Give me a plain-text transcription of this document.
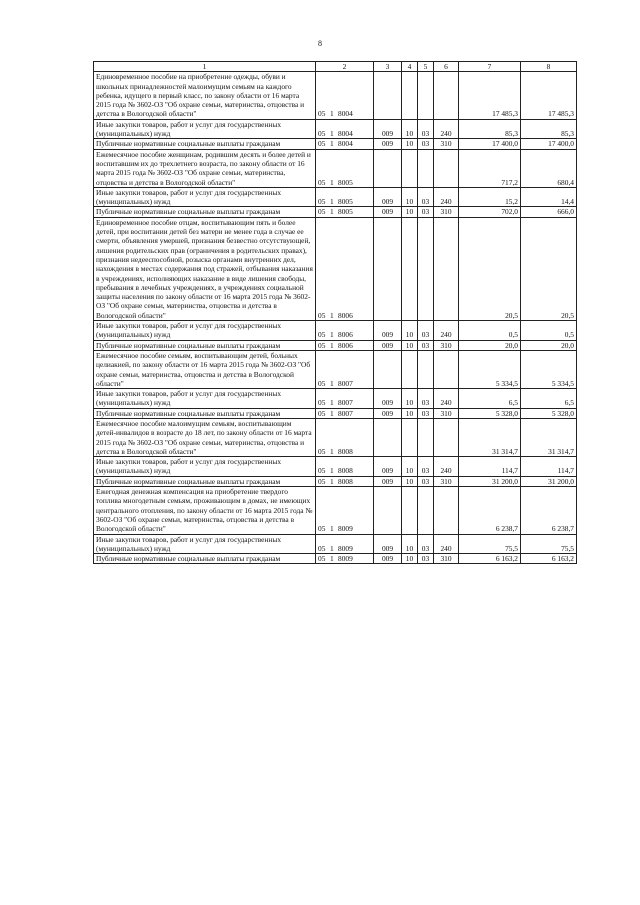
8
1	2	3	4	5	6	7	8
Единовременное пособие на приобретение одежды, обуви и школьных принадлежностей малоимущим семьям на каждого ребенка, идущего в первый класс, по закону области от 16 марта 2015 года № 3602-ОЗ "Об охране семьи, материнства, отцовства и детства в Вологодской области"	05 1 8004					17 485,3	17 485,3
Иные закупки товаров, работ и услуг для государственных (муниципальных) нужд	05 1 8004	009	10	03	240	85,3	85,3
Публичные нормативные социальные выплаты гражданам	05 1 8004	009	10	03	310	17 400,0	17 400,0
Ежемесячное пособие женщинам, родившим десять и более детей и воспитавшим их до трехлетнего возраста, по закону области от 16 марта 2015 года № 3602-ОЗ "Об охране семьи, материнства, отцовства и детства в Вологодской области"	05 1 8005					717,2	680,4
Иные закупки товаров, работ и услуг для государственных (муниципальных) нужд	05 1 8005	009	10	03	240	15,2	14,4
Публичные нормативные социальные выплаты гражданам	05 1 8005	009	10	03	310	702,0	666,0
Единовременное пособие отцам, воспитывающим пять и более детей, при воспитании детей без матери не менее года в случае ее смерти, объявления умершей, признания безвестно отсутствующей, лишения родительских прав (ограничения в родительских правах), признания недееспособной, розыска органами внутренних дел, нахождения в местах содержания под стражей, отбывания наказания в учреждениях, исполняющих наказание в виде лишения свободы, пребывания в лечебных учреждениях, в учреждениях социальной защиты населения по закону области от 16 марта 2015 года № 3602-ОЗ "Об охране семьи, материнства, отцовства и детства в Вологодской области"	05 1 8006					20,5	20,5
Иные закупки товаров, работ и услуг для государственных (муниципальных) нужд	05 1 8006	009	10	03	240	0,5	0,5
Публичные нормативные социальные выплаты гражданам	05 1 8006	009	10	03	310	20,0	20,0
Ежемесячное пособие семьям, воспитывающим детей, больных целиакией, по закону области от 16 марта 2015 года № 3602-ОЗ "Об охране семьи, материнства, отцовства и детства в Вологодской области"	05 1 8007					5 334,5	5 334,5
Иные закупки товаров, работ и услуг для государственных (муниципальных) нужд	05 1 8007	009	10	03	240	6,5	6,5
Публичные нормативные социальные выплаты гражданам	05 1 8007	009	10	03	310	5 328,0	5 328,0
Ежемесячное пособие малоимущим семьям, воспитывающим детей-инвалидов в возрасте до 18 лет, по закону области от 16 марта 2015 года № 3602-ОЗ "Об охране семьи, материнства, отцовства и детства в Вологодской области"	05 1 8008					31 314,7	31 314,7
Иные закупки товаров, работ и услуг для государственных (муниципальных) нужд	05 1 8008	009	10	03	240	114,7	114,7
Публичные нормативные социальные выплаты гражданам	05 1 8008	009	10	03	310	31 200,0	31 200,0
Ежегодная денежная компенсация на приобретение твердого топлива многодетным семьям, проживающим в домах, не имеющих центрального отопления, по закону области от 16 марта 2015 года № 3602-ОЗ "Об охране семьи, материнства, отцовства и детства в Вологодской области"	05 1 8009					6 238,7	6 238,7
Иные закупки товаров, работ и услуг для государственных (муниципальных) нужд	05 1 8009	009	10	03	240	75,5	75,5
Публичные нормативные социальные выплаты гражданам	05 1 8009	009	10	03	310	6 163,2	6 163,2
